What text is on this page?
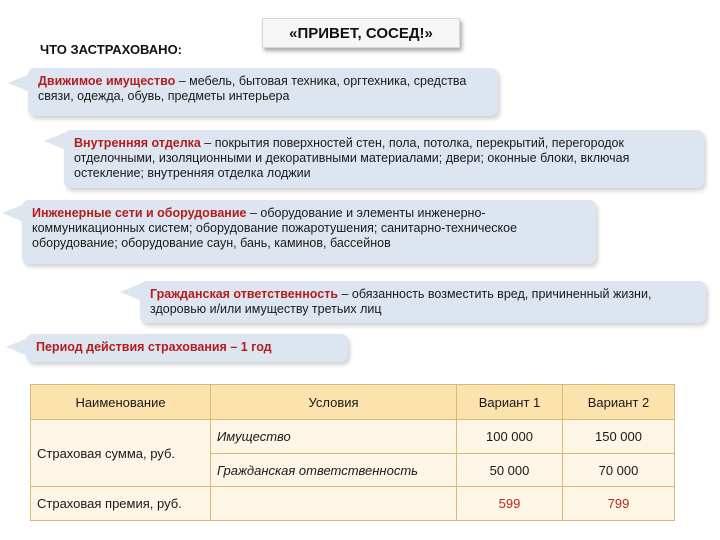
«ПРИВЕТ, СОСЕД!»
ЧТО ЗАСТРАХОВАНО:
Движимое имущество – мебель, бытовая техника, оргтехника, средства связи, одежда, обувь, предметы интерьера
Внутренняя отделка – покрытия поверхностей стен, пола, потолка, перекрытий, перегородок отделочными, изоляционными и декоративными материалами; двери; оконные блоки, включая остекление; внутренняя отделка лоджии
Инженерные сети и оборудование – оборудование и элементы инженерно-коммуникационных систем; оборудование пожаротушения; санитарно-техническое оборудование; оборудование саун, бань, каминов, бассейнов
Гражданская ответственность – обязанность возместить вред, причиненный жизни, здоровью и/или имуществу третьих лиц
Период действия страхования – 1 год
Наименование	Условия	Вариант 1	Вариант 2
Страховая сумма, руб.	Имущество	100 000	150 000
	Гражданская ответственность	50 000	70 000
Страховая премия, руб.		599	799
